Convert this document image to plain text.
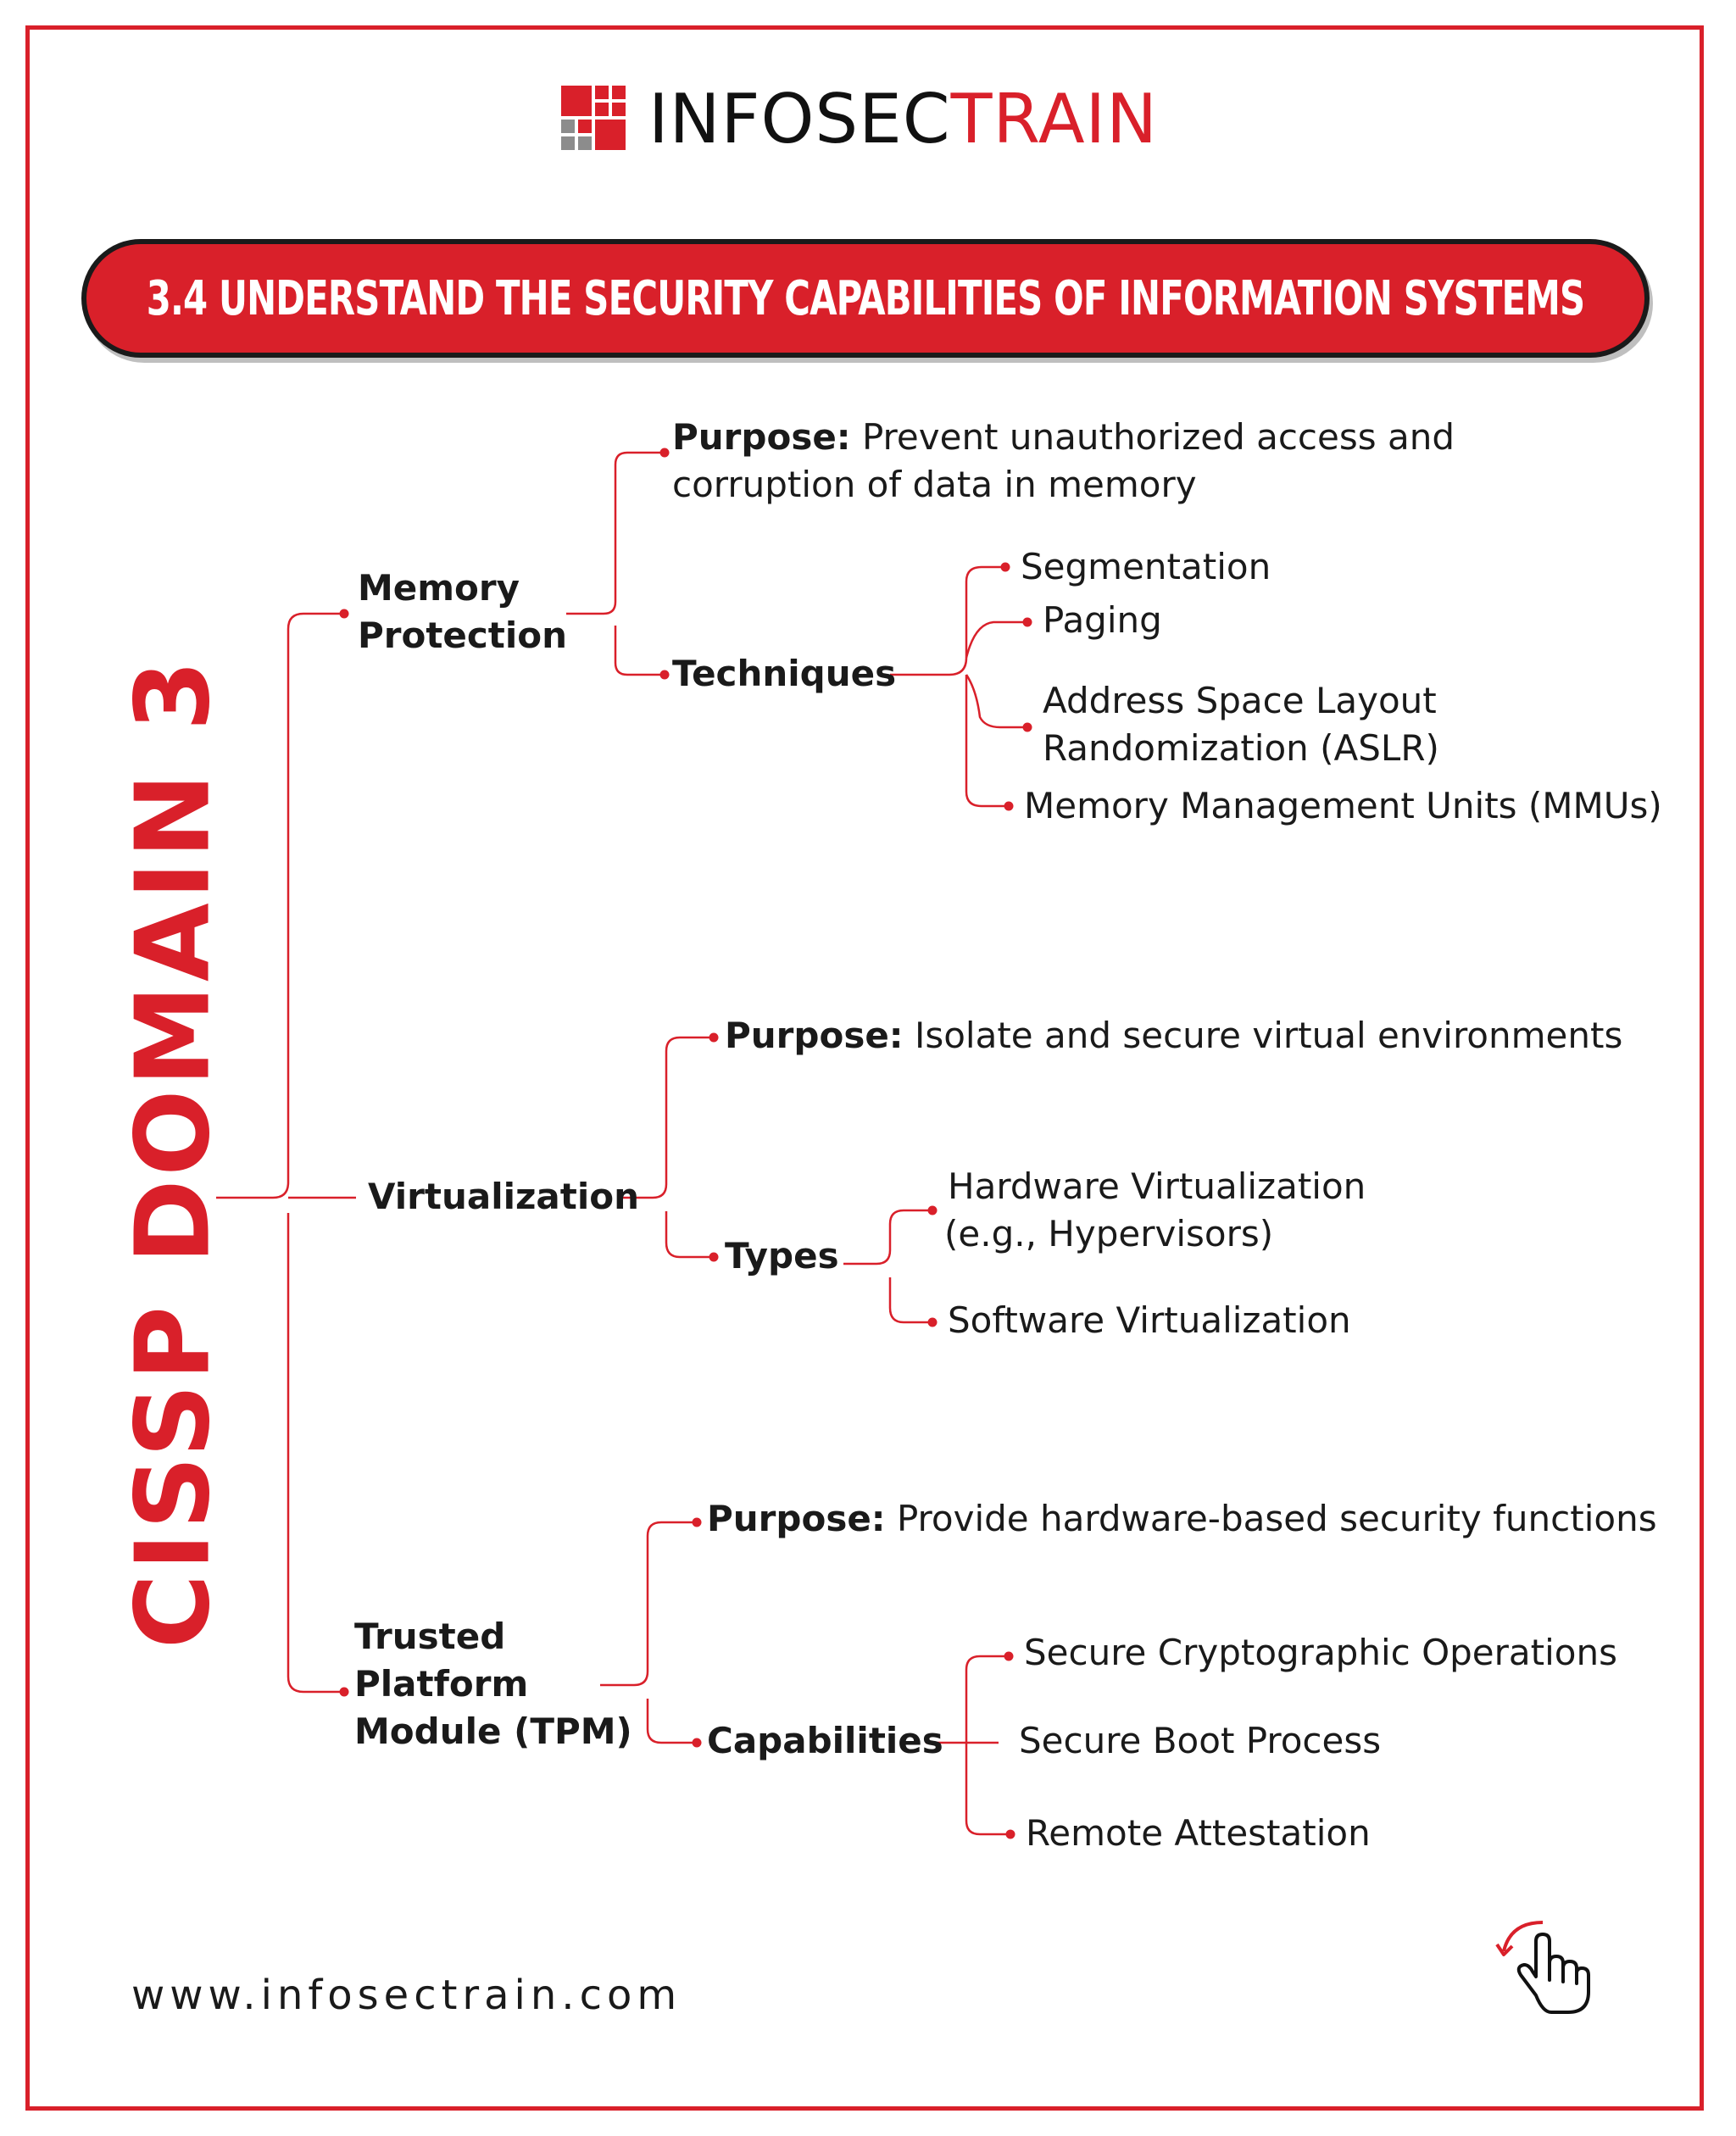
INFOSECTRAIN
3.4 UNDERSTAND THE SECURITY CAPABILITIES OF INFORMATION SYSTEMS
CISSP DOMAIN 3
Memory
Protection
Purpose: Prevent unauthorized access and
corruption of data in memory
Techniques
Segmentation
Paging
Address Space Layout
Randomization (ASLR)
Memory Management Units (MMUs)
Virtualization
Purpose: Isolate and secure virtual environments
Types
Hardware Virtualization
(e.g., Hypervisors)
Software Virtualization
Trusted
Platform
Module (TPM)
Purpose: Provide hardware-based security functions
Capabilities
Secure Cryptographic Operations
Secure Boot Process
Remote Attestation
www.infosectrain.com
